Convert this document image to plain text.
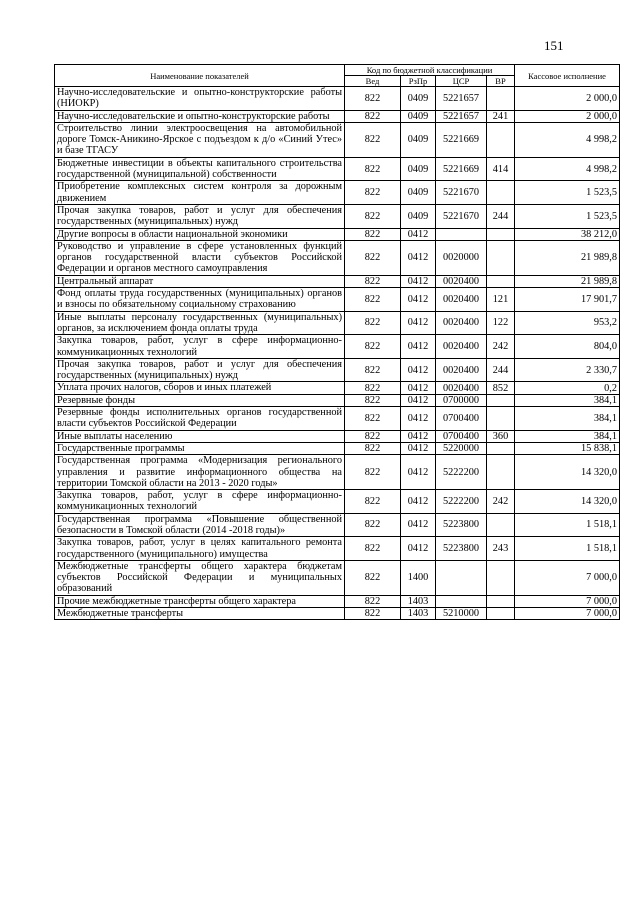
151
Наименование показателей	Код по бюджетной классификации				Кассовое исполнение
	Вед	РзПр	ЦСР	ВР	
Научно-исследовательские и опытно-конструкторские работы (НИОКР)	822	0409	5221657		2 000,0
Научно-исследовательские и опытно-конструкторские работы	822	0409	5221657	241	2 000,0
Строительство линии электроосвещения на автомобильной дороге Томск-Аникино-Ярское с подъездом к д/о «Синий Утес» и базе ТГАСУ	822	0409	5221669		4 998,2
Бюджетные инвестиции в объекты капитального строительства государственной (муниципальной) собственности	822	0409	5221669	414	4 998,2
Приобретение комплексных систем контроля за дорожным движением	822	0409	5221670		1 523,5
Прочая закупка товаров, работ и услуг для обеспечения государственных (муниципальных) нужд	822	0409	5221670	244	1 523,5
Другие вопросы в области национальной экономики	822	0412			38 212,0
Руководство и управление в сфере установленных функций органов государственной власти субъектов Российской Федерации и органов местного самоуправления	822	0412	0020000		21 989,8
Центральный аппарат	822	0412	0020400		21 989,8
Фонд оплаты труда государственных (муниципальных) органов и взносы по обязательному социальному страхованию	822	0412	0020400	121	17 901,7
Иные выплаты персоналу государственных (муниципальных) органов, за исключением фонда оплаты труда	822	0412	0020400	122	953,2
Закупка товаров, работ, услуг в сфере информационно-коммуникационных технологий	822	0412	0020400	242	804,0
Прочая закупка товаров, работ и услуг для обеспечения государственных (муниципальных) нужд	822	0412	0020400	244	2 330,7
Уплата прочих налогов, сборов и иных платежей	822	0412	0020400	852	0,2
Резервные фонды	822	0412	0700000		384,1
Резервные фонды исполнительных органов государственной власти субъектов Российской Федерации	822	0412	0700400		384,1
Иные выплаты населению	822	0412	0700400	360	384,1
Государственные программы	822	0412	5220000		15 838,1
Государственная программа «Модернизация регионального управления и развитие информационного общества на территории Томской области на 2013 - 2020 годы»	822	0412	5222200		14 320,0
Закупка товаров, работ, услуг в сфере информационно-коммуникационных технологий	822	0412	5222200	242	14 320,0
Государственная программа «Повышение общественной безопасности в Томской области (2014 -2018 годы)»	822	0412	5223800		1 518,1
Закупка товаров, работ, услуг в целях капитального ремонта государственного (муниципального) имущества	822	0412	5223800	243	1 518,1
Межбюджетные трансферты общего характера бюджетам субъектов Российской Федерации и муниципальных образований	822	1400			7 000,0
Прочие межбюджетные трансферты общего характера	822	1403			7 000,0
Межбюджетные трансферты	822	1403	5210000		7 000,0
